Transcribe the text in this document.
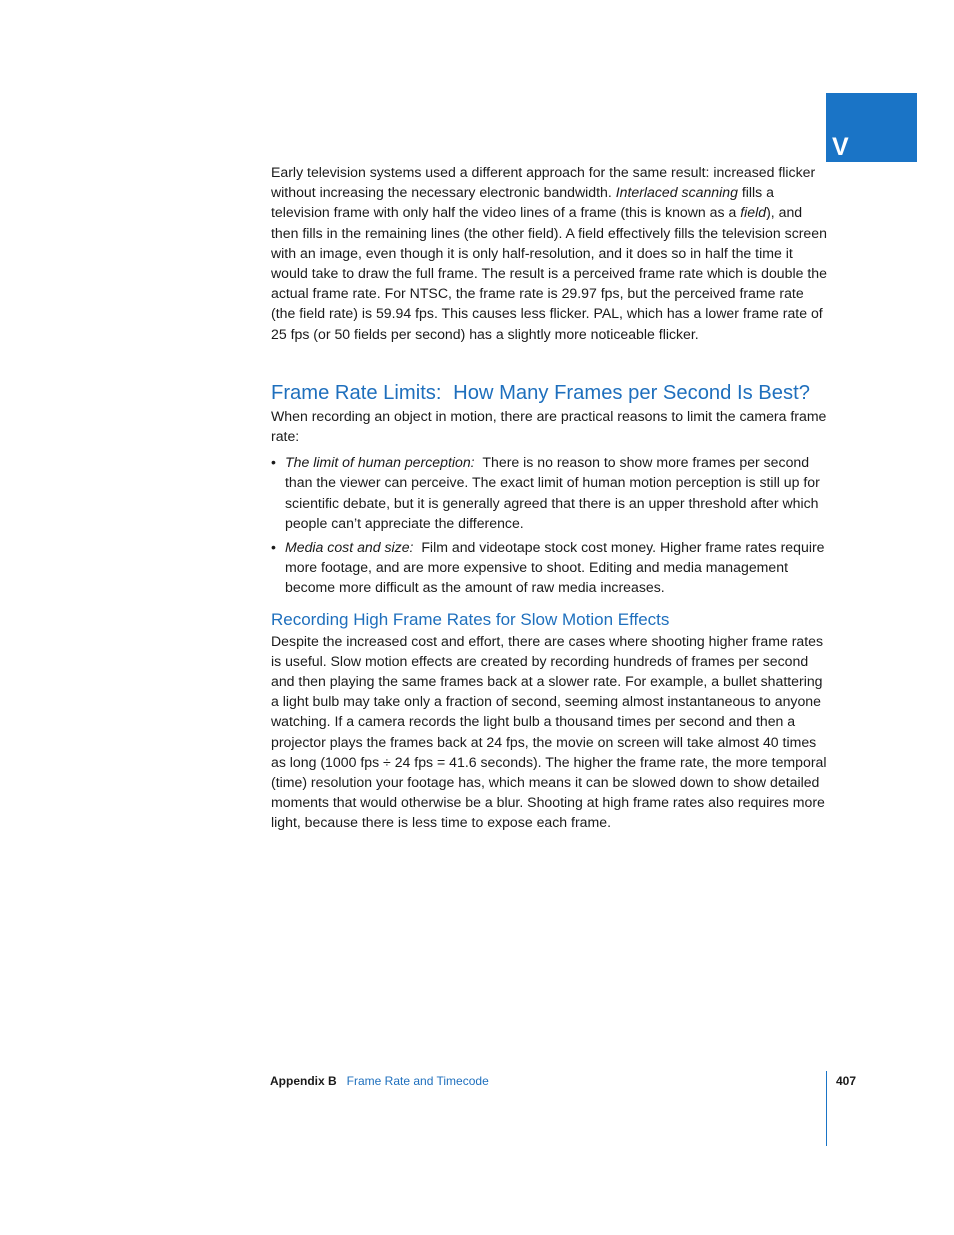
V

Early television systems used a different approach for the same result: increased flicker without increasing the necessary electronic bandwidth. Interlaced scanning fills a television frame with only half the video lines of a frame (this is known as a field), and then fills in the remaining lines (the other field). A field effectively fills the television screen with an image, even though it is only half-resolution, and it does so in half the time it would take to draw the full frame. The result is a perceived frame rate which is double the actual frame rate. For NTSC, the frame rate is 29.97 fps, but the perceived frame rate (the field rate) is 59.94 fps. This causes less flicker. PAL, which has a lower frame rate of 25 fps (or 50 fields per second) has a slightly more noticeable flicker.

Frame Rate Limits: How Many Frames per Second Is Best?

When recording an object in motion, there are practical reasons to limit the camera frame rate:

• The limit of human perception: There is no reason to show more frames per second than the viewer can perceive. The exact limit of human motion perception is still up for scientific debate, but it is generally agreed that there is an upper threshold after which people can’t appreciate the difference.
• Media cost and size: Film and videotape stock cost money. Higher frame rates require more footage, and are more expensive to shoot. Editing and media management become more difficult as the amount of raw media increases.
Recording High Frame Rates for Slow Motion Effects

Despite the increased cost and effort, there are cases where shooting higher frame rates is useful. Slow motion effects are created by recording hundreds of frames per second and then playing the same frames back at a slower rate. For example, a bullet shattering a light bulb may take only a fraction of second, seeming almost instantaneous to anyone watching. If a camera records the light bulb a thousand times per second and then a projector plays the frames back at 24 fps, the movie on screen will take almost 40 times as long (1000 fps ÷ 24 fps = 41.6 seconds). The higher the frame rate, the more temporal (time) resolution your footage has, which means it can be slowed down to show detailed moments that would otherwise be a blur. Shooting at high frame rates also requires more light, because there is less time to expose each frame.

Appendix B Frame Rate and Timecode	407
